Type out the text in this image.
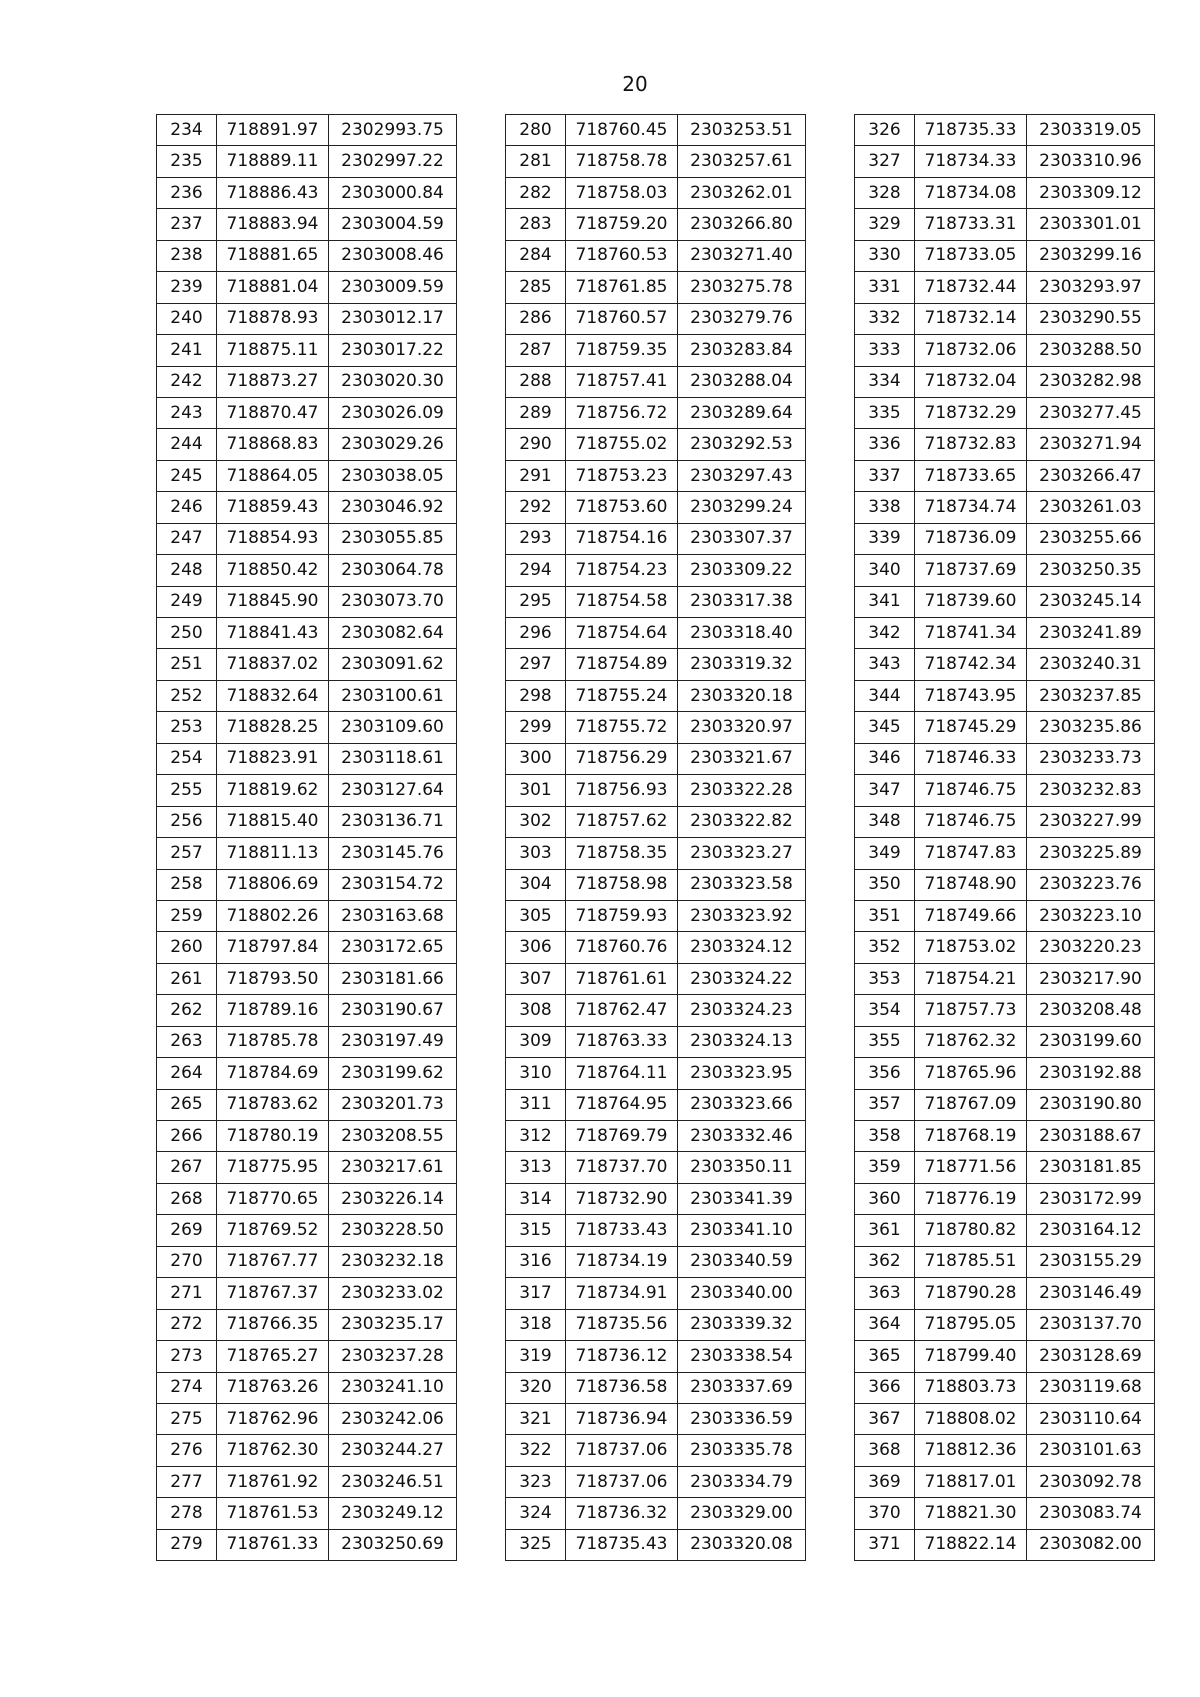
20
234	718891.97	2302993.75
235	718889.11	2302997.22
236	718886.43	2303000.84
237	718883.94	2303004.59
238	718881.65	2303008.46
239	718881.04	2303009.59
240	718878.93	2303012.17
241	718875.11	2303017.22
242	718873.27	2303020.30
243	718870.47	2303026.09
244	718868.83	2303029.26
245	718864.05	2303038.05
246	718859.43	2303046.92
247	718854.93	2303055.85
248	718850.42	2303064.78
249	718845.90	2303073.70
250	718841.43	2303082.64
251	718837.02	2303091.62
252	718832.64	2303100.61
253	718828.25	2303109.60
254	718823.91	2303118.61
255	718819.62	2303127.64
256	718815.40	2303136.71
257	718811.13	2303145.76
258	718806.69	2303154.72
259	718802.26	2303163.68
260	718797.84	2303172.65
261	718793.50	2303181.66
262	718789.16	2303190.67
263	718785.78	2303197.49
264	718784.69	2303199.62
265	718783.62	2303201.73
266	718780.19	2303208.55
267	718775.95	2303217.61
268	718770.65	2303226.14
269	718769.52	2303228.50
270	718767.77	2303232.18
271	718767.37	2303233.02
272	718766.35	2303235.17
273	718765.27	2303237.28
274	718763.26	2303241.10
275	718762.96	2303242.06
276	718762.30	2303244.27
277	718761.92	2303246.51
278	718761.53	2303249.12
279	718761.33	2303250.69
280	718760.45	2303253.51
281	718758.78	2303257.61
282	718758.03	2303262.01
283	718759.20	2303266.80
284	718760.53	2303271.40
285	718761.85	2303275.78
286	718760.57	2303279.76
287	718759.35	2303283.84
288	718757.41	2303288.04
289	718756.72	2303289.64
290	718755.02	2303292.53
291	718753.23	2303297.43
292	718753.60	2303299.24
293	718754.16	2303307.37
294	718754.23	2303309.22
295	718754.58	2303317.38
296	718754.64	2303318.40
297	718754.89	2303319.32
298	718755.24	2303320.18
299	718755.72	2303320.97
300	718756.29	2303321.67
301	718756.93	2303322.28
302	718757.62	2303322.82
303	718758.35	2303323.27
304	718758.98	2303323.58
305	718759.93	2303323.92
306	718760.76	2303324.12
307	718761.61	2303324.22
308	718762.47	2303324.23
309	718763.33	2303324.13
310	718764.11	2303323.95
311	718764.95	2303323.66
312	718769.79	2303332.46
313	718737.70	2303350.11
314	718732.90	2303341.39
315	718733.43	2303341.10
316	718734.19	2303340.59
317	718734.91	2303340.00
318	718735.56	2303339.32
319	718736.12	2303338.54
320	718736.58	2303337.69
321	718736.94	2303336.59
322	718737.06	2303335.78
323	718737.06	2303334.79
324	718736.32	2303329.00
325	718735.43	2303320.08
326	718735.33	2303319.05
327	718734.33	2303310.96
328	718734.08	2303309.12
329	718733.31	2303301.01
330	718733.05	2303299.16
331	718732.44	2303293.97
332	718732.14	2303290.55
333	718732.06	2303288.50
334	718732.04	2303282.98
335	718732.29	2303277.45
336	718732.83	2303271.94
337	718733.65	2303266.47
338	718734.74	2303261.03
339	718736.09	2303255.66
340	718737.69	2303250.35
341	718739.60	2303245.14
342	718741.34	2303241.89
343	718742.34	2303240.31
344	718743.95	2303237.85
345	718745.29	2303235.86
346	718746.33	2303233.73
347	718746.75	2303232.83
348	718746.75	2303227.99
349	718747.83	2303225.89
350	718748.90	2303223.76
351	718749.66	2303223.10
352	718753.02	2303220.23
353	718754.21	2303217.90
354	718757.73	2303208.48
355	718762.32	2303199.60
356	718765.96	2303192.88
357	718767.09	2303190.80
358	718768.19	2303188.67
359	718771.56	2303181.85
360	718776.19	2303172.99
361	718780.82	2303164.12
362	718785.51	2303155.29
363	718790.28	2303146.49
364	718795.05	2303137.70
365	718799.40	2303128.69
366	718803.73	2303119.68
367	718808.02	2303110.64
368	718812.36	2303101.63
369	718817.01	2303092.78
370	718821.30	2303083.74
371	718822.14	2303082.00
